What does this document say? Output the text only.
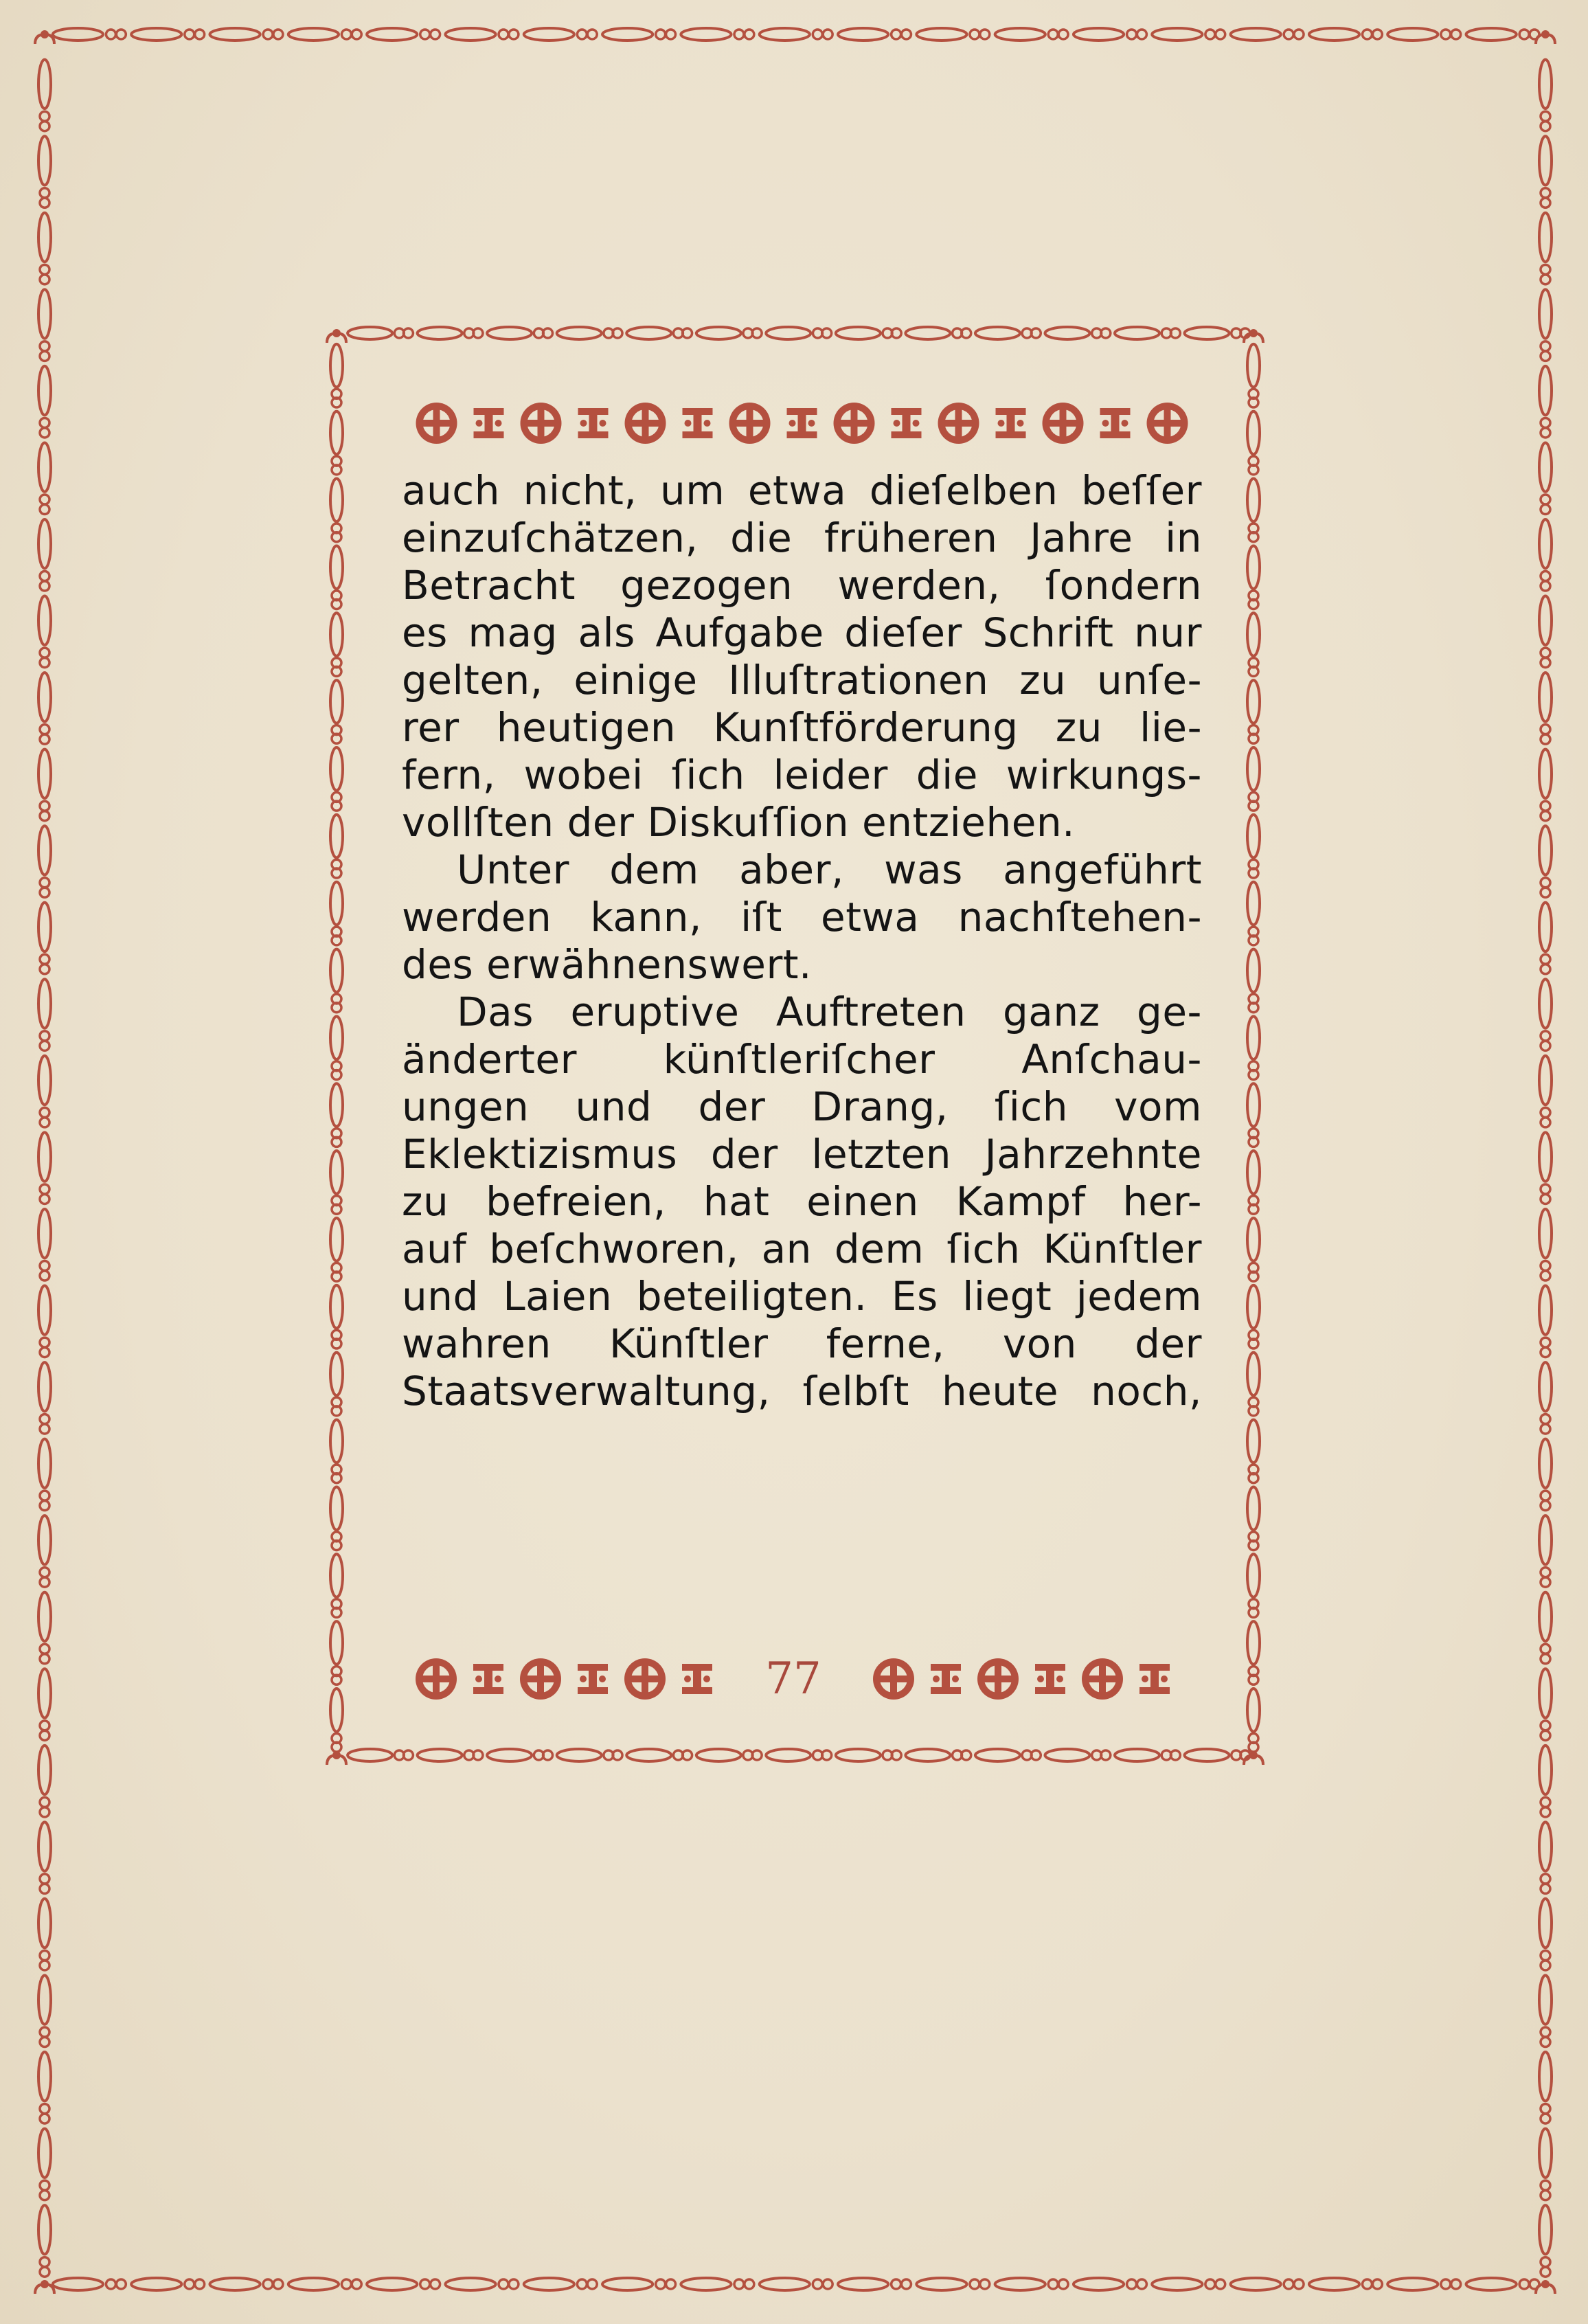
auch nicht, um etwa dieſelben beſſer
einzuſchätzen, die früheren Jahre in
Betracht gezogen werden, ſondern
es mag als Aufgabe dieſer Schrift nur
gelten, einige Illuſtrationen zu unſe-
rer heutigen Kunſtförderung zu lie-
fern, wobei ſich leider die wirkungs-
vollſten der Diskuſſion entziehen.
Unter dem aber, was angeführt
werden kann, iſt etwa nachſtehen-
des erwähnenswert.
Das eruptive Auftreten ganz ge-
änderter künſtleriſcher Anſchau-
ungen und der Drang, ſich vom
Eklektizismus der letzten Jahrzehnte
zu befreien, hat einen Kampf her-
auf beſchworen, an dem ſich Künſtler
und Laien beteiligten. Es liegt jedem
wahren Künſtler ferne, von der
Staatsverwaltung, ſelbſt heute noch,
77
